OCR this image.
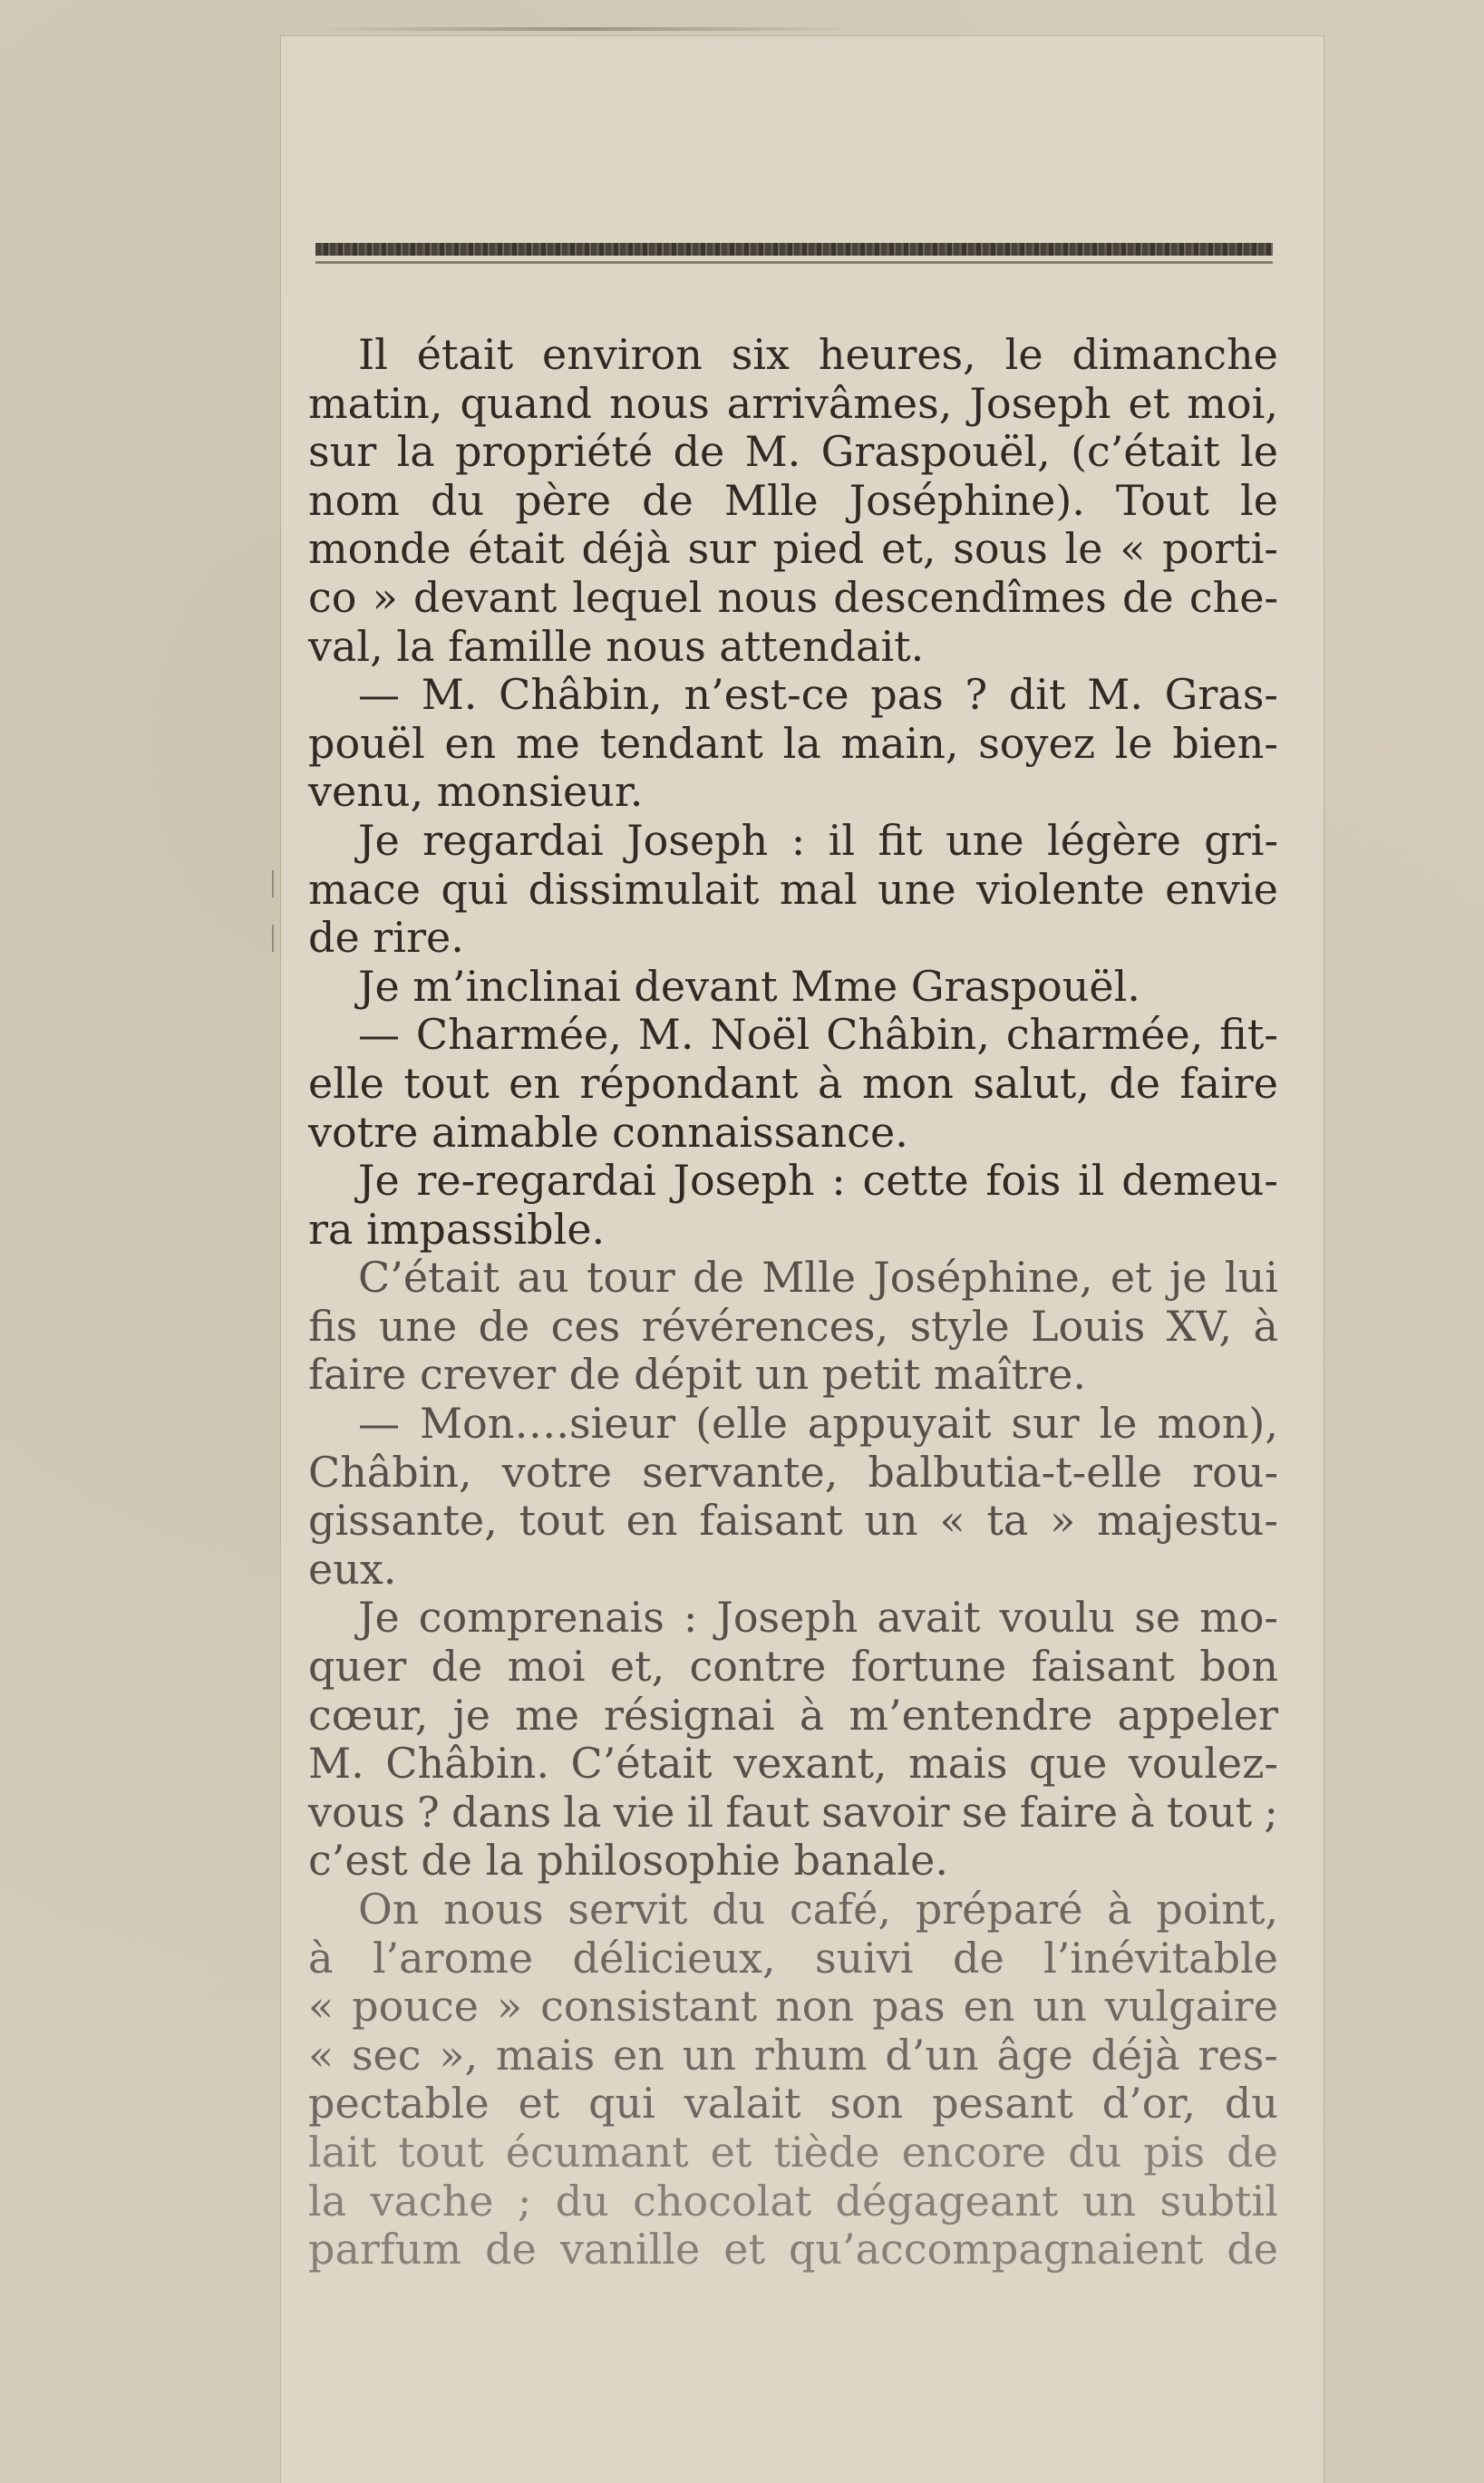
Il était environ six heures, le dimanche
matin, quand nous arrivâmes, Joseph et moi,
sur la propriété de M. Graspouël, (c’était le
nom du père de Mlle Joséphine). Tout le
monde était déjà sur pied et, sous le « porti-
co » devant lequel nous descendîmes de che-
val, la famille nous attendait.
— M. Châbin, n’est-ce pas ? dit M. Gras-
pouël en me tendant la main, soyez le bien-
venu, monsieur.
Je regardai Joseph : il fit une légère gri-
mace qui dissimulait mal une violente envie
de rire.
Je m’inclinai devant Mme Graspouël.
— Charmée, M. Noël Châbin, charmée, fit-
elle tout en répondant à mon salut, de faire
votre aimable connaissance.
Je re-regardai Joseph : cette fois il demeu-
ra impassible.
C’était au tour de Mlle Joséphine, et je lui
fis une de ces révérences, style Louis XV, à
faire crever de dépit un petit maître.
— Mon….sieur (elle appuyait sur le mon),
Châbin, votre servante, balbutia-t-elle rou-
gissante, tout en faisant un « ta » majestu-
eux.
Je comprenais : Joseph avait voulu se mo-
quer de moi et, contre fortune faisant bon
cœur, je me résignai à m’entendre appeler
M. Châbin. C’était vexant, mais que voulez-
vous ? dans la vie il faut savoir se faire à tout ;
c’est de la philosophie banale.
On nous servit du café, préparé à point,
à l’arome délicieux, suivi de l’inévitable
« pouce » consistant non pas en un vulgaire
« sec », mais en un rhum d’un âge déjà res-
pectable et qui valait son pesant d’or, du
lait tout écumant et tiède encore du pis de
la vache ; du chocolat dégageant un subtil
parfum de vanille et qu’accompagnaient de
